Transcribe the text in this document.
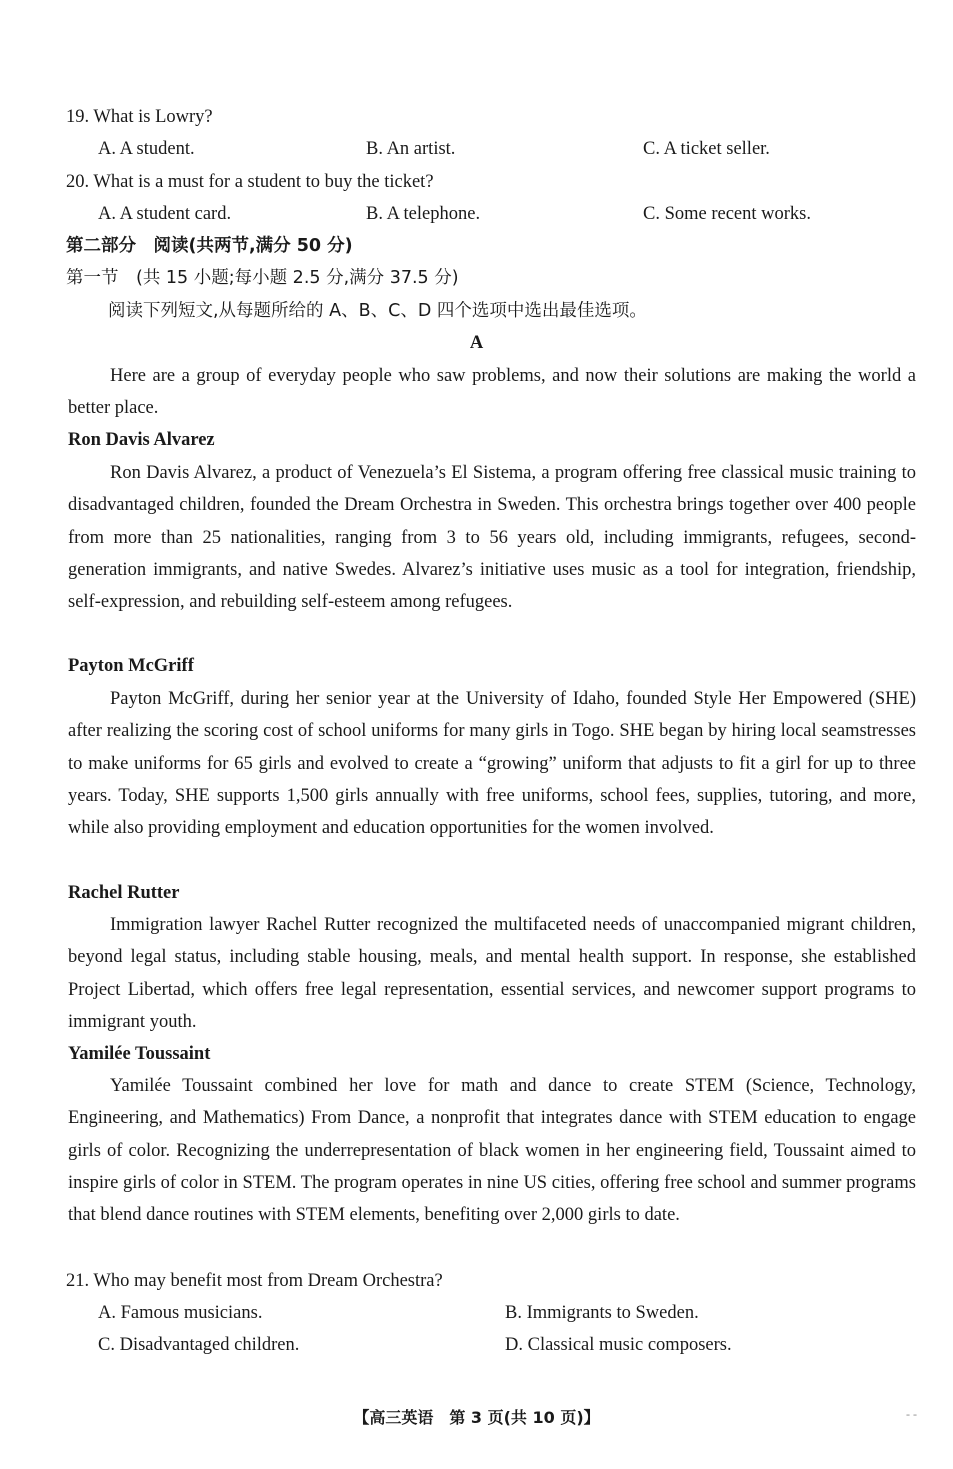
19. What is Lowry?
A. A student.	B. An artist.	C. A ticket seller.
20. What is a must for a student to buy the ticket?
A. A student card.	B. A telephone.	C. Some recent works.
第二部分　阅读(共两节,满分 50 分)
第一节　(共 15 小题;每小题 2.5 分,满分 37.5 分)
阅读下列短文,从每题所给的 A、B、C、D 四个选项中选出最佳选项。
A
Here are a group of everyday people who saw problems, and now their solutions are making the world a better place.
Ron Davis Alvarez
Ron Davis Alvarez, a product of Venezuela’s El Sistema, a program offering free classical music training to disadvantaged children, founded the Dream Orchestra in Sweden. This orchestra brings together over 400 people from more than 25 nationalities, ranging from 3 to 56 years old, including immigrants, refugees, second-generation immigrants, and native Swedes. Alvarez’s initiative uses music as a tool for integration, friendship, self-expression, and rebuilding self-esteem among refugees.
Payton McGriff
Payton McGriff, during her senior year at the University of Idaho, founded Style Her Empowered (SHE) after realizing the scoring cost of school uniforms for many girls in Togo. SHE began by hiring local seamstresses to make uniforms for 65 girls and evolved to create a “growing” uniform that adjusts to fit a girl for up to three years. Today, SHE supports 1,500 girls annually with free uniforms, school fees, supplies, tutoring, and more, while also providing employment and education opportunities for the women involved.
Rachel Rutter
Immigration lawyer Rachel Rutter recognized the multifaceted needs of unaccompanied migrant children, beyond legal status, including stable housing, meals, and mental health support. In response, she established Project Libertad, which offers free legal representation, essential services, and newcomer support programs to immigrant youth.
Yamilée Toussaint
Yamilée Toussaint combined her love for math and dance to create STEM (Science, Technology, Engineering, and Mathematics) From Dance, a nonprofit that integrates dance with STEM education to engage girls of color. Recognizing the underrepresentation of black women in her engineering field, Toussaint aimed to inspire girls of color in STEM. The program operates in nine US cities, offering free school and summer programs that blend dance routines with STEM elements, benefiting over 2,000 girls to date.
21. Who may benefit most from Dream Orchestra?
A. Famous musicians.	B. Immigrants to Sweden.
C. Disadvantaged children.	D. Classical music composers.
【高三英语　第 3 页(共 10 页)】	- -
